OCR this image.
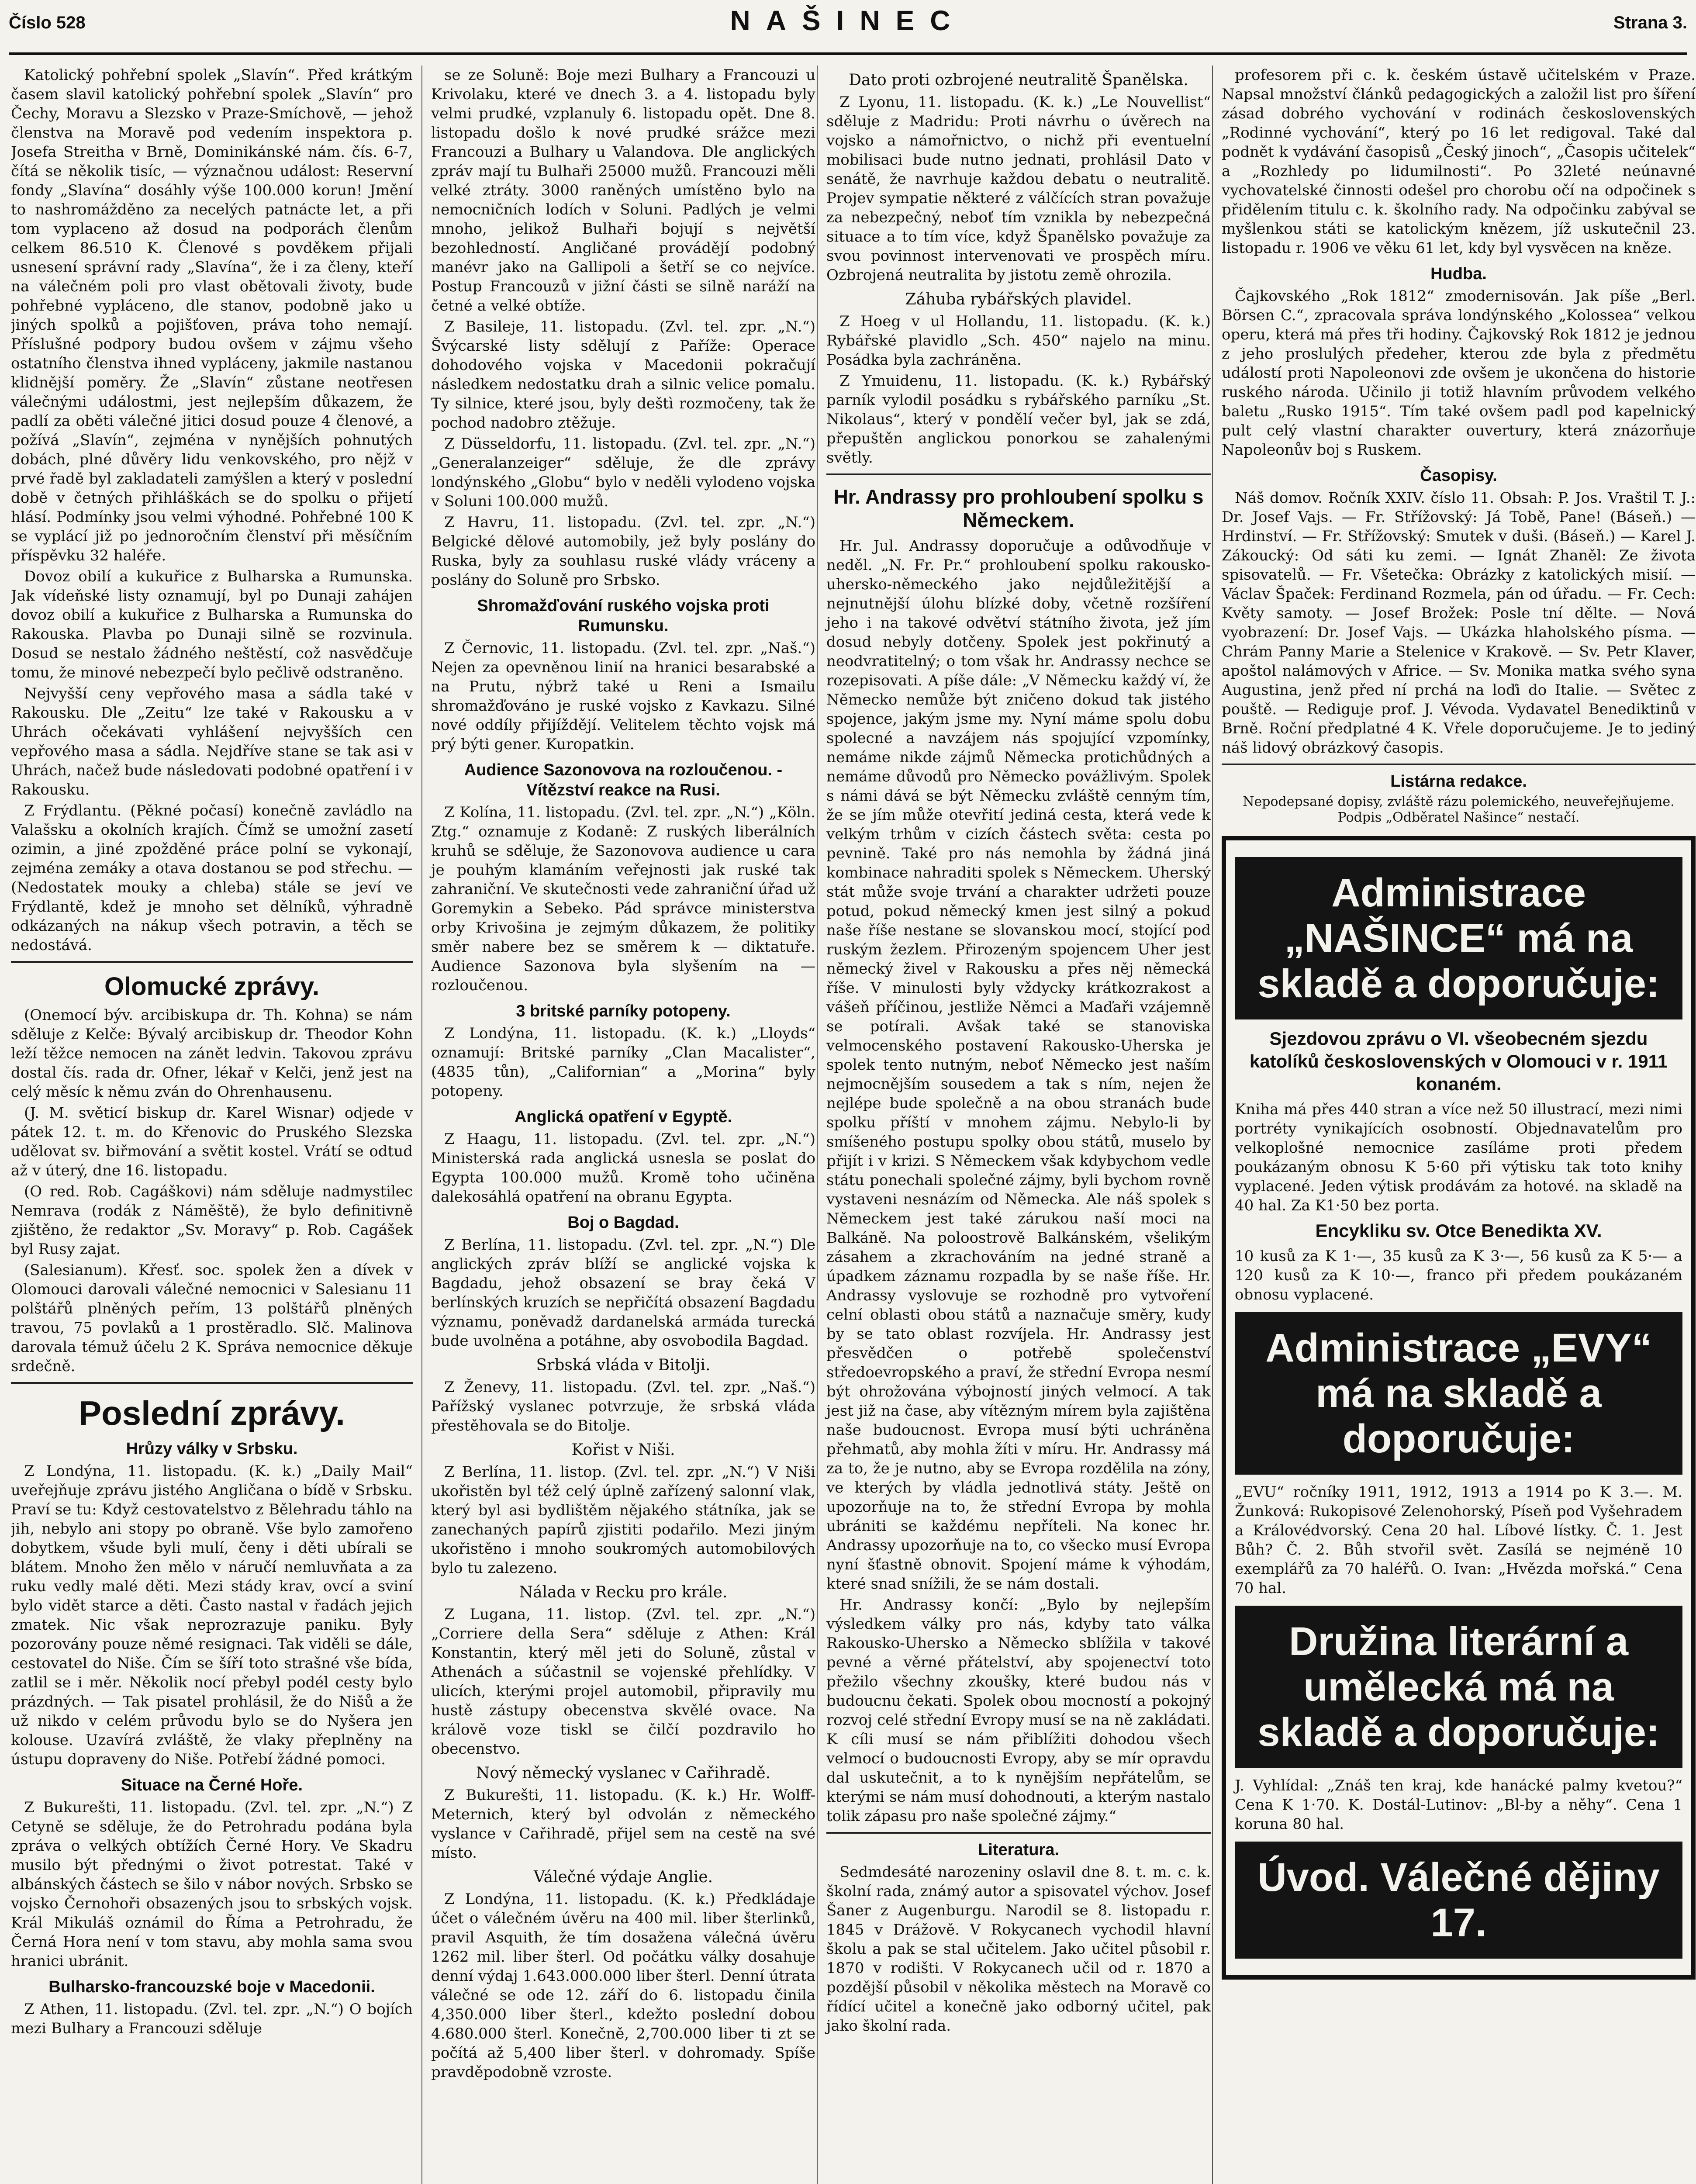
Číslo 528	NAŠINEC	Strana 3.

Katolický pohřební spolek „Slavín“. Před krátkým časem slavil katolický pohřební spolek „Slavín“ pro Čechy, Moravu a Slezsko v Praze-Smíchově, — jehož členstva na Moravě pod vedením inspektora p. Josefa Streitha v Brně, Dominikánské nám. čís. 6-7, čítá se několik tisíc, — význačnou událost: Reservní fondy „Slavína“ dosáhly výše 100.000 korun! Jmění to nashromážděno za necelých patnácte let, a při tom vyplaceno až dosud na podporách členům celkem 86.510 K. Členové s povděkem přijali usnesení správní rady „Slavína“, že i za členy, kteří na válečném poli pro vlast obětovali životy, bude pohřebné vypláceno, dle stanov, podobně jako u jiných spolků a pojišťoven, práva toho nemají. Příslušné podpory budou ovšem v zájmu všeho ostatního členstva ihned vypláceny, jakmile nastanou klidnější poměry. Že „Slavín“ zůstane neotřesen válečnými událostmi, jest nejlepším důkazem, že padlí za oběti válečné jitici dosud pouze 4 členové, a požívá „Slavín“, zejména v nynějších pohnutých dobách, plné důvěry lidu venkovského, pro nějž v prvé řadě byl zakladateli zamýšlen a který v poslední době v četných přihláškách se do spolku o přijetí hlásí. Podmínky jsou velmi výhodné. Pohřebné 100 K se vyplácí již po jednoročním členství při měsíčním příspěvku 32 haléře.

Dovoz obilí a kukuřice z Bulharska a Rumunska. Jak vídeňské listy oznamují, byl po Dunaji zahájen dovoz obilí a kukuřice z Bulharska a Rumunska do Rakouska. Plavba po Dunaji silně se rozvinula. Dosud se nestalo žádného neštěstí, což nasvědčuje tomu, že minové nebezpečí bylo pečlivě odstraněno.

Nejvyšší ceny vepřového masa a sádla také v Rakousku. Dle „Zeitu“ lze také v Rakousku a v Uhrách očekávati vyhlášení nejvyšších cen vepřového masa a sádla. Nejdříve stane se tak asi v Uhrách, načež bude následovati podobné opatření i v Rakousku.

Z Frýdlantu. (Pěkné počasí) konečně zavládlo na Valašsku a okolních krajích. Čímž se umožní zasetí ozimin, a jiné zpožděné práce polní se vykonají, zejména zemáky a otava dostanou se pod střechu. — (Nedostatek mouky a chleba) stále se jeví ve Frýdlantě, kdež je mnoho set dělníků, výhradně odkázaných na nákup všech potravin, a těch se nedostává.

Olomucké zprávy.

(Onemocí býv. arcibiskupa dr. Th. Kohna) se nám sděluje z Kelče: Bývalý arcibiskup dr. Theodor Kohn leží těžce nemocen na zánět ledvin. Takovou zprávu dostal čís. rada dr. Ofner, lékař v Kelči, jenž jest na celý měsíc k němu zván do Ohrenhausenu.

(J. M. světicí biskup dr. Karel Wisnar) odjede v pátek 12. t. m. do Křenovic do Pruského Slezska udělovat sv. biřmování a světit kostel. Vrátí se odtud až v úterý, dne 16. listopadu.

(O red. Rob. Cagáškovi) nám sděluje nadmystilec Nemrava (rodák z Náměště), že bylo definitivně zjištěno, že redaktor „Sv. Moravy“ p. Rob. Cagášek byl Rusy zajat.

(Salesianum). Křesť. soc. spolek žen a dívek v Olomouci darovali válečné nemocnici v Salesianu 11 polštářů plněných peřím, 13 polštářů plněných travou, 75 povlaků a 1 prostěradlo. Slč. Malinova darovala témuž účelu 2 K. Správa nemocnice děkuje srdečně.

Poslední zprávy.
Hrůzy války v Srbsku.

Z Londýna, 11. listopadu. (K. k.) „Daily Mail“ uveřejňuje zprávu jistého Angličana o bídě v Srbsku. Praví se tu: Když cestovatelstvo z Bělehradu táhlo na jih, nebylo ani stopy po obraně. Vše bylo zamořeno dobytkem, všude byli mulí, čeny i děti ubírali se blátem. Mnoho žen mělo v náručí nemluvňata a za ruku vedly malé děti. Mezi stády krav, ovcí a sviní bylo vidět starce a děti. Často nastal v řadách jejich zmatek. Nic však neprozrazuje paniku. Byly pozorovány pouze němé resignaci. Tak viděli se dále, cestovatel do Niše. Čím se šíří toto strašné vše bída, zatlil se i měr. Několik nocí přebyl podél cesty bylo prázdných. — Tak pisatel prohlásil, že do Nišů a že už nikdo v celém průvodu bylo se do Nyšera jen kolouse. Uzavírá zvláště, že vlaky přeplněny na ústupu dopraveny do Niše. Potřebí žádné pomoci.

Situace na Černé Hoře.

Z Bukurešti, 11. listopadu. (Zvl. tel. zpr. „N.“) Z Cetyně se sděluje, že do Petrohradu podána byla zpráva o velkých obtížích Černé Hory. Ve Skadru musilo být přednými o život potrestat. Také v albánských částech se šilo v nábor nových. Srbsko se vojsko Černohoři obsazených jsou to srbských vojsk. Král Mikuláš oznámil do Říma a Petrohradu, že Černá Hora není v tom stavu, aby mohla sama svou hranici ubránit.

Bulharsko-francouzské boje v Macedonii.

Z Athen, 11. listopadu. (Zvl. tel. zpr. „N.“) O bojích mezi Bulhary a Francouzi sděluje

se ze Soluně: Boje mezi Bulhary a Francouzi u Krivolaku, které ve dnech 3. a 4. listopadu byly velmi prudké, vzplanuly 6. listopadu opět. Dne 8. listopadu došlo k nové prudké srážce mezi Francouzi a Bulhary u Valandova. Dle anglických zpráv mají tu Bulhaři 25000 mužů. Francouzi měli velké ztráty. 3000 raněných umístěno bylo na nemocničních lodích v Soluni. Padlých je velmi mnoho, jelikož Bulhaři bojují s největší bezohledností. Angličané provádějí podobný manévr jako na Gallipoli a šetří se co nejvíce. Postup Francouzů v jižní části se silně naráží na četné a velké obtíže.

Z Basileje, 11. listopadu. (Zvl. tel. zpr. „N.“) Švýcarské listy sdělují z Paříže: Operace dohodového vojska v Macedonii pokračují následkem nedostatku drah a silnic velice pomalu. Ty silnice, které jsou, byly deštì rozmočeny, tak že pochod nadobro ztěžuje.

Z Düsseldorfu, 11. listopadu. (Zvl. tel. zpr. „N.“) „Generalanzeiger“ sděluje, že dle zprávy londýnského „Globu“ bylo v neděli vylodeno vojska v Soluni 100.000 mužů.

Z Havru, 11. listopadu. (Zvl. tel. zpr. „N.“) Belgické dělové automobily, jež byly poslány do Ruska, byly za souhlasu ruské vlády vráceny a poslány do Soluně pro Srbsko.

Shromažďování ruského vojska proti Rumunsku.

Z Černovic, 11. listopadu. (Zvl. tel. zpr. „Naš.“) Nejen za opevněnou linií na hranici besarabské a na Prutu, nýbrž také u Reni a Ismailu shromažďováno je ruské vojsko z Kavkazu. Silné nové oddíly přijíždějí. Velitelem těchto vojsk má prý býti gener. Kuropatkin.

Audience Sazonovova na rozloučenou. - Vítězství reakce na Rusi.

Z Kolína, 11. listopadu. (Zvl. tel. zpr. „N.“) „Köln. Ztg.“ oznamuje z Kodaně: Z ruských liberálních kruhů se sděluje, že Sazonovova audience u cara je pouhým klamáním veřejnosti jak ruské tak zahraniční. Ve skutečnosti vede zahraniční úřad už Goremykin a Sebeko. Pád správce ministerstva orby Krivošina je zejmým důkazem, že politiky směr nabere bez se směrem k — diktatuře. Audience Sazonova byla slyšením na — rozloučenou.

3 britské parníky potopeny.

Z Londýna, 11. listopadu. (K. k.) „Lloyds“ oznamují: Britské parníky „Clan Macalister“, (4835 tůn), „Californian“ a „Morina“ byly potopeny.

Anglická opatření v Egyptě.

Z Haagu, 11. listopadu. (Zvl. tel. zpr. „N.“) Ministerská rada anglická usnesla se poslat do Egypta 100.000 mužů. Kromě toho učiněna dalekosáhlá opatření na obranu Egypta.

Boj o Bagdad.

Z Berlína, 11. listopadu. (Zvl. tel. zpr. „N.“) Dle anglických zpráv blíží se anglické vojska k Bagdadu, jehož obsazení se bray čeká V berlínských kruzích se nepřičítá obsazení Bagdadu významu, poněvadž dardanelská armáda turecká bude uvolněna a potáhne, aby osvobodila Bagdad.

Srbská vláda v Bitolji.

Z Ženevy, 11. listopadu. (Zvl. tel. zpr. „Naš.“) Pařížský vyslanec potvrzuje, že srbská vláda přestěhovala se do Bitolje.

Kořist v Niši.

Z Berlína, 11. listop. (Zvl. tel. zpr. „N.“) V Niši ukořistěn byl též celý úplně zařízený salonní vlak, který byl asi bydlištěm nějakého státníka, jak se zanechaných papírů zjistiti podařilo. Mezi jiným ukořistěno i mnoho soukromých automobilových bylo tu zalezeno.

Nálada v Recku pro krále.

Z Lugana, 11. listop. (Zvl. tel. zpr. „N.“) „Corriere della Sera“ sděluje z Athen: Král Konstantin, který měl jeti do Soluně, zůstal v Athenách a súčastnil se vojenské přehlídky. V ulicích, kterými projel automobil, připravily mu hustě zástupy obecenstva skvělé ovace. Na králově voze tiskl se čilčí pozdravilo ho obecenstvo.

Nový německý vyslanec v Cařihradě.

Z Bukurešti, 11. listopadu. (K. k.) Hr. Wolff-Meternich, který byl odvolán z německého vyslance v Cařihradě, přijel sem na cestě na své místo.

Válečné výdaje Anglie.

Z Londýna, 11. listopadu. (K. k.) Předkládaje účet o válečném úvěru na 400 mil. liber šterlinků, pravil Asquith, že tím dosažena válečná úvěru 1262 mil. liber šterl. Od počátku války dosahuje denní výdaj 1.643.000.000 liber šterl. Denní útrata válečné se ode 12. září do 6. listopadu činila 4,350.000 liber šterl., kdežto poslední dobou 4.680.000 šterl. Konečně, 2,700.000 liber ti zt se počítá až 5,400 liber šterl. v dohromady. Spíše pravděpodobně vzroste.

Dato proti ozbrojené neutralitě Španělska.

Z Lyonu, 11. listopadu. (K. k.) „Le Nouvellist“ sděluje z Madridu: Proti návrhu o úvěrech na vojsko a námořnictvo, o nichž při eventuelní mobilisaci bude nutno jednati, prohlásil Dato v senátě, že navrhuje každou debatu o neutralitě. Projev sympatie některé z válčících stran považuje za nebezpečný, neboť tím vznikla by nebezpečná situace a to tím více, když Španělsko považuje za svou povinnost intervenovati ve prospěch míru. Ozbrojená neutralita by jistotu země ohrozila.

Záhuba rybářských plavidel.

Z Hoeg v ul Hollandu, 11. listopadu. (K. k.) Rybářské plavidlo „Sch. 450“ najelo na minu. Posádka byla zachráněna.

Z Ymuidenu, 11. listopadu. (K. k.) Rybářský parník vylodil posádku s rybářského parníku „St. Nikolaus“, který v pondělí večer byl, jak se zdá, přepuštěn anglickou ponorkou se zahalenými světly.

Hr. Andrassy pro prohloubení spolku s Německem.

Hr. Jul. Andrassy doporučuje a odůvodňuje v neděl. „N. Fr. Pr.“ prohloubení spolku rakousko-uhersko-německého jako nejdůležitější a nejnutnější úlohu blízké doby, včetně rozšíření jeho i na takové odvětví státního života, jež jím dosud nebyly dotčeny. Spolek jest pokřinutý a neodvratitelný; o tom však hr. Andrassy nechce se rozepisovati. A píše dále: „V Německu každý ví, že Německo nemůže být zničeno dokud tak jistého spojence, jakým jsme my. Nyní máme spolu dobu spolecné a navzájem nás spojující vzpomínky, nemáme nikde zájmů Německa protichůdných a nemáme důvodů pro Německo povážlivým. Spolek s námi dává se být Německu zvláště cenným tím, že se jím může otevřití jediná cesta, která vede k velkým trhům v cizích částech světa: cesta po pevnině. Také pro nás nemohla by žádná jiná kombinace nahraditi spolek s Německem. Uherský stát může svoje trvání a charakter udržeti pouze potud, pokud německý kmen jest silný a pokud naše říše nestane se slovanskou mocí, stojící pod ruským žezlem. Přirozeným spojencem Uher jest německý živel v Rakousku a přes něj německá říše. V minulosti byly vždycky krátkozrakost a vášeň příčinou, jestliže Němci a Maďaři vzájemně se potírali. Avšak také se stanoviska velmocenského postavení Rakousko-Uherska je spolek tento nutným, neboť Německo jest naším nejmocnějším sousedem a tak s ním, nejen že nejlépe bude společně a na obou stranách bude spolku příští v mnohem zájmu. Nebylo-li by smíšeného postupu spolky obou států, muselo by přijít i v krizi. S Německem však kdybychom vedle státu ponechali společné zájmy, byli bychom rovně vystaveni nesnázím od Německa. Ale náš spolek s Německem jest také zárukou naší moci na Balkáně. Na poloostrově Balkánském, všelikým zásahem a zkrachováním na jedné straně a úpadkem záznamu rozpadla by se naše říše. Hr. Andrassy vyslovuje se rozhodně pro vytvoření celní oblasti obou států a naznačuje směry, kudy by se tato oblast rozvíjela. Hr. Andrassy jest přesvědčen o potřebě společenství středoevropského a praví, že střední Evropa nesmí být ohrožována výbojností jiných velmocí. A tak jest již na čase, aby vítězným mírem byla zajištěna naše budoucnost. Evropa musí býti uchráněna přehmatů, aby mohla žíti v míru. Hr. Andrassy má za to, že je nutno, aby se Evropa rozdělila na zóny, ve kterých by vládla jednotlivá státy. Ještě on upozorňuje na to, že střední Evropa by mohla ubrániti se každému nepříteli. Na konec hr. Andrassy upozorňuje na to, co všecko musí Evropa nyní šťastně obnovit. Spojení máme k výhodám, které snad snížili, že se nám dostali.

Hr. Andrassy končí: „Bylo by nejlepším výsledkem války pro nás, kdyby tato válka Rakousko-Uhersko a Německo sblížila v takové pevné a věrné přátelství, aby spojenectví toto přežilo všechny zkoušky, které budou nás v budoucnu čekati. Spolek obou mocností a pokojný rozvoj celé střední Evropy musí se na ně zakládati. K cíli musí se nám přiblížiti dohodou všech velmocí o budoucnosti Evropy, aby se mír opravdu dal uskutečnit, a to k nynějším nepřátelům, se kterými se nám musí dohodnouti, a kterým nastalo tolik zápasu pro naše společné zájmy.“

Literatura.

Sedmdesáté narozeniny oslavil dne 8. t. m. c. k. školní rada, známý autor a spisovatel výchov. Josef Šaner z Augenburgu. Narodil se 8. listopadu r. 1845 v Drážově. V Rokycanech vychodil hlavní školu a pak se stal učitelem. Jako učitel působil r. 1870 v rodišti. V Rokycanech učil od r. 1870 a pozdější působil v několika městech na Moravě co řídící učitel a konečně jako odborný učitel, pak jako školní rada.

profesorem při c. k. českém ústavě učitelském v Praze. Napsal množství článků pedagogických a založil list pro šíření zásad dobrého vychování v rodinách československých „Rodinné vychování“, který po 16 let redigoval. Také dal podnět k vydávání časopisů „Český jinoch“, „Časopis učitelek“ a „Rozhledy po lidumilnosti“. Po 32leté neúnavné vychovatelské činnosti odešel pro chorobu očí na odpočinek s přidělením titulu c. k. školního rady. Na odpočinku zabýval se myšlenkou státi se katolickým knězem, jíž uskutečnil 23. listopadu r. 1906 ve věku 61 let, kdy byl vysvěcen na kněze.

Hudba.

Čajkovského „Rok 1812“ zmodernisován. Jak píše „Berl. Börsen C.“, zpracovala správa londýnského „Kolossea“ velkou operu, která má přes tři hodiny. Čajkovský Rok 1812 je jednou z jeho proslulých předeher, kterou zde byla z předmětu událostí proti Napoleonovi zde ovšem je ukončena do historie ruského národa. Učinilo ji totiž hlavním průvodem velkého baletu „Rusko 1915“. Tím také ovšem padl pod kapelnický pult celý vlastní charakter ouvertury, která znázorňuje Napoleonův boj s Ruskem.

Časopisy.

Náš domov. Ročník XXIV. číslo 11. Obsah: P. Jos. Vraštil T. J.: Dr. Josef Vajs. — Fr. Střížovský: Já Tobě, Pane! (Báseň.) — Hrdinství. — Fr. Střížovský: Smutek v duši. (Báseň.) — Karel J. Zákoucký: Od sáti ku zemi. — Ignát Zhaněl: Ze života spisovatelů. — Fr. Všetečka: Obrázky z katolických misií. — Václav Špaček: Ferdinand Rozmela, pán od úřadu. — Fr. Cech: Květy samoty. — Josef Brožek: Posle tní dělte. — Nová vyobrazení: Dr. Josef Vajs. — Ukázka hlaholského písma. — Chrám Panny Marie a Stelenice v Krakově. — Sv. Petr Klaver, apoštol nalámových v Africe. — Sv. Monika matka svého syna Augustina, jenž před ní prchá na loďi do Italie. — Světec z pouště. — Rediguje prof. J. Vévoda. Vydavatel Benediktinů v Brně. Roční předplatné 4 K. Vřele doporučujeme. Je to jediný náš lidový obrázkový časopis.

Listárna redakce.
Nepodepsané dopisy, zvláště rázu polemického, neuveřejňujeme. Podpis „Odběratel Našince“ nestačí.
Administrace „NAŠINCE“ má na skladě a doporučuje:
Sjezdovou zprávu o VI. všeobecném sjezdu katolíků československých v Olomouci v r. 1911 konaném.
Kniha má přes 440 stran a více než 50 illustrací, mezi nimi portréty vynikajících osobností. Objednavatelům pro velkoplošné nemocnice zasíláme proti předem poukázaným obnosu K 5·60 při výtisku tak toto knihy vyplacené. Jeden výtisk prodávám za hotové. na skladě na 40 hal. Za K1·50 bez porta.
Encykliku sv. Otce Benedikta XV.
10 kusů za K 1·—, 35 kusů za K 3·—, 56 kusů za K 5·— a 120 kusů za K 10·—, franco při předem poukázaném obnosu vyplacené.
Administrace „EVY“ má na skladě a doporučuje:
„EVU“ ročníky 1911, 1912, 1913 a 1914 po K 3.—. M. Žunková: Rukopisové Zelenohorský, Píseň pod Vyšehradem a Královédvorský. Cena 20 hal. Líbové lístky. Č. 1. Jest Bůh? Č. 2. Bůh stvořil svět. Zasílá se nejméně 10 exemplářů za 70 haléřů. O. Ivan: „Hvězda mořská.“ Cena 70 hal.
Družina literární a umělecká má na skladě a doporučuje:
J. Vyhlídal: „Znáš ten kraj, kde hanácké palmy kvetou?“ Cena K 1·70. K. Dostál-Lutinov: „Bl-by a něhy“. Cena 1 koruna 80 hal.
Úvod. Válečné dějiny 17.
